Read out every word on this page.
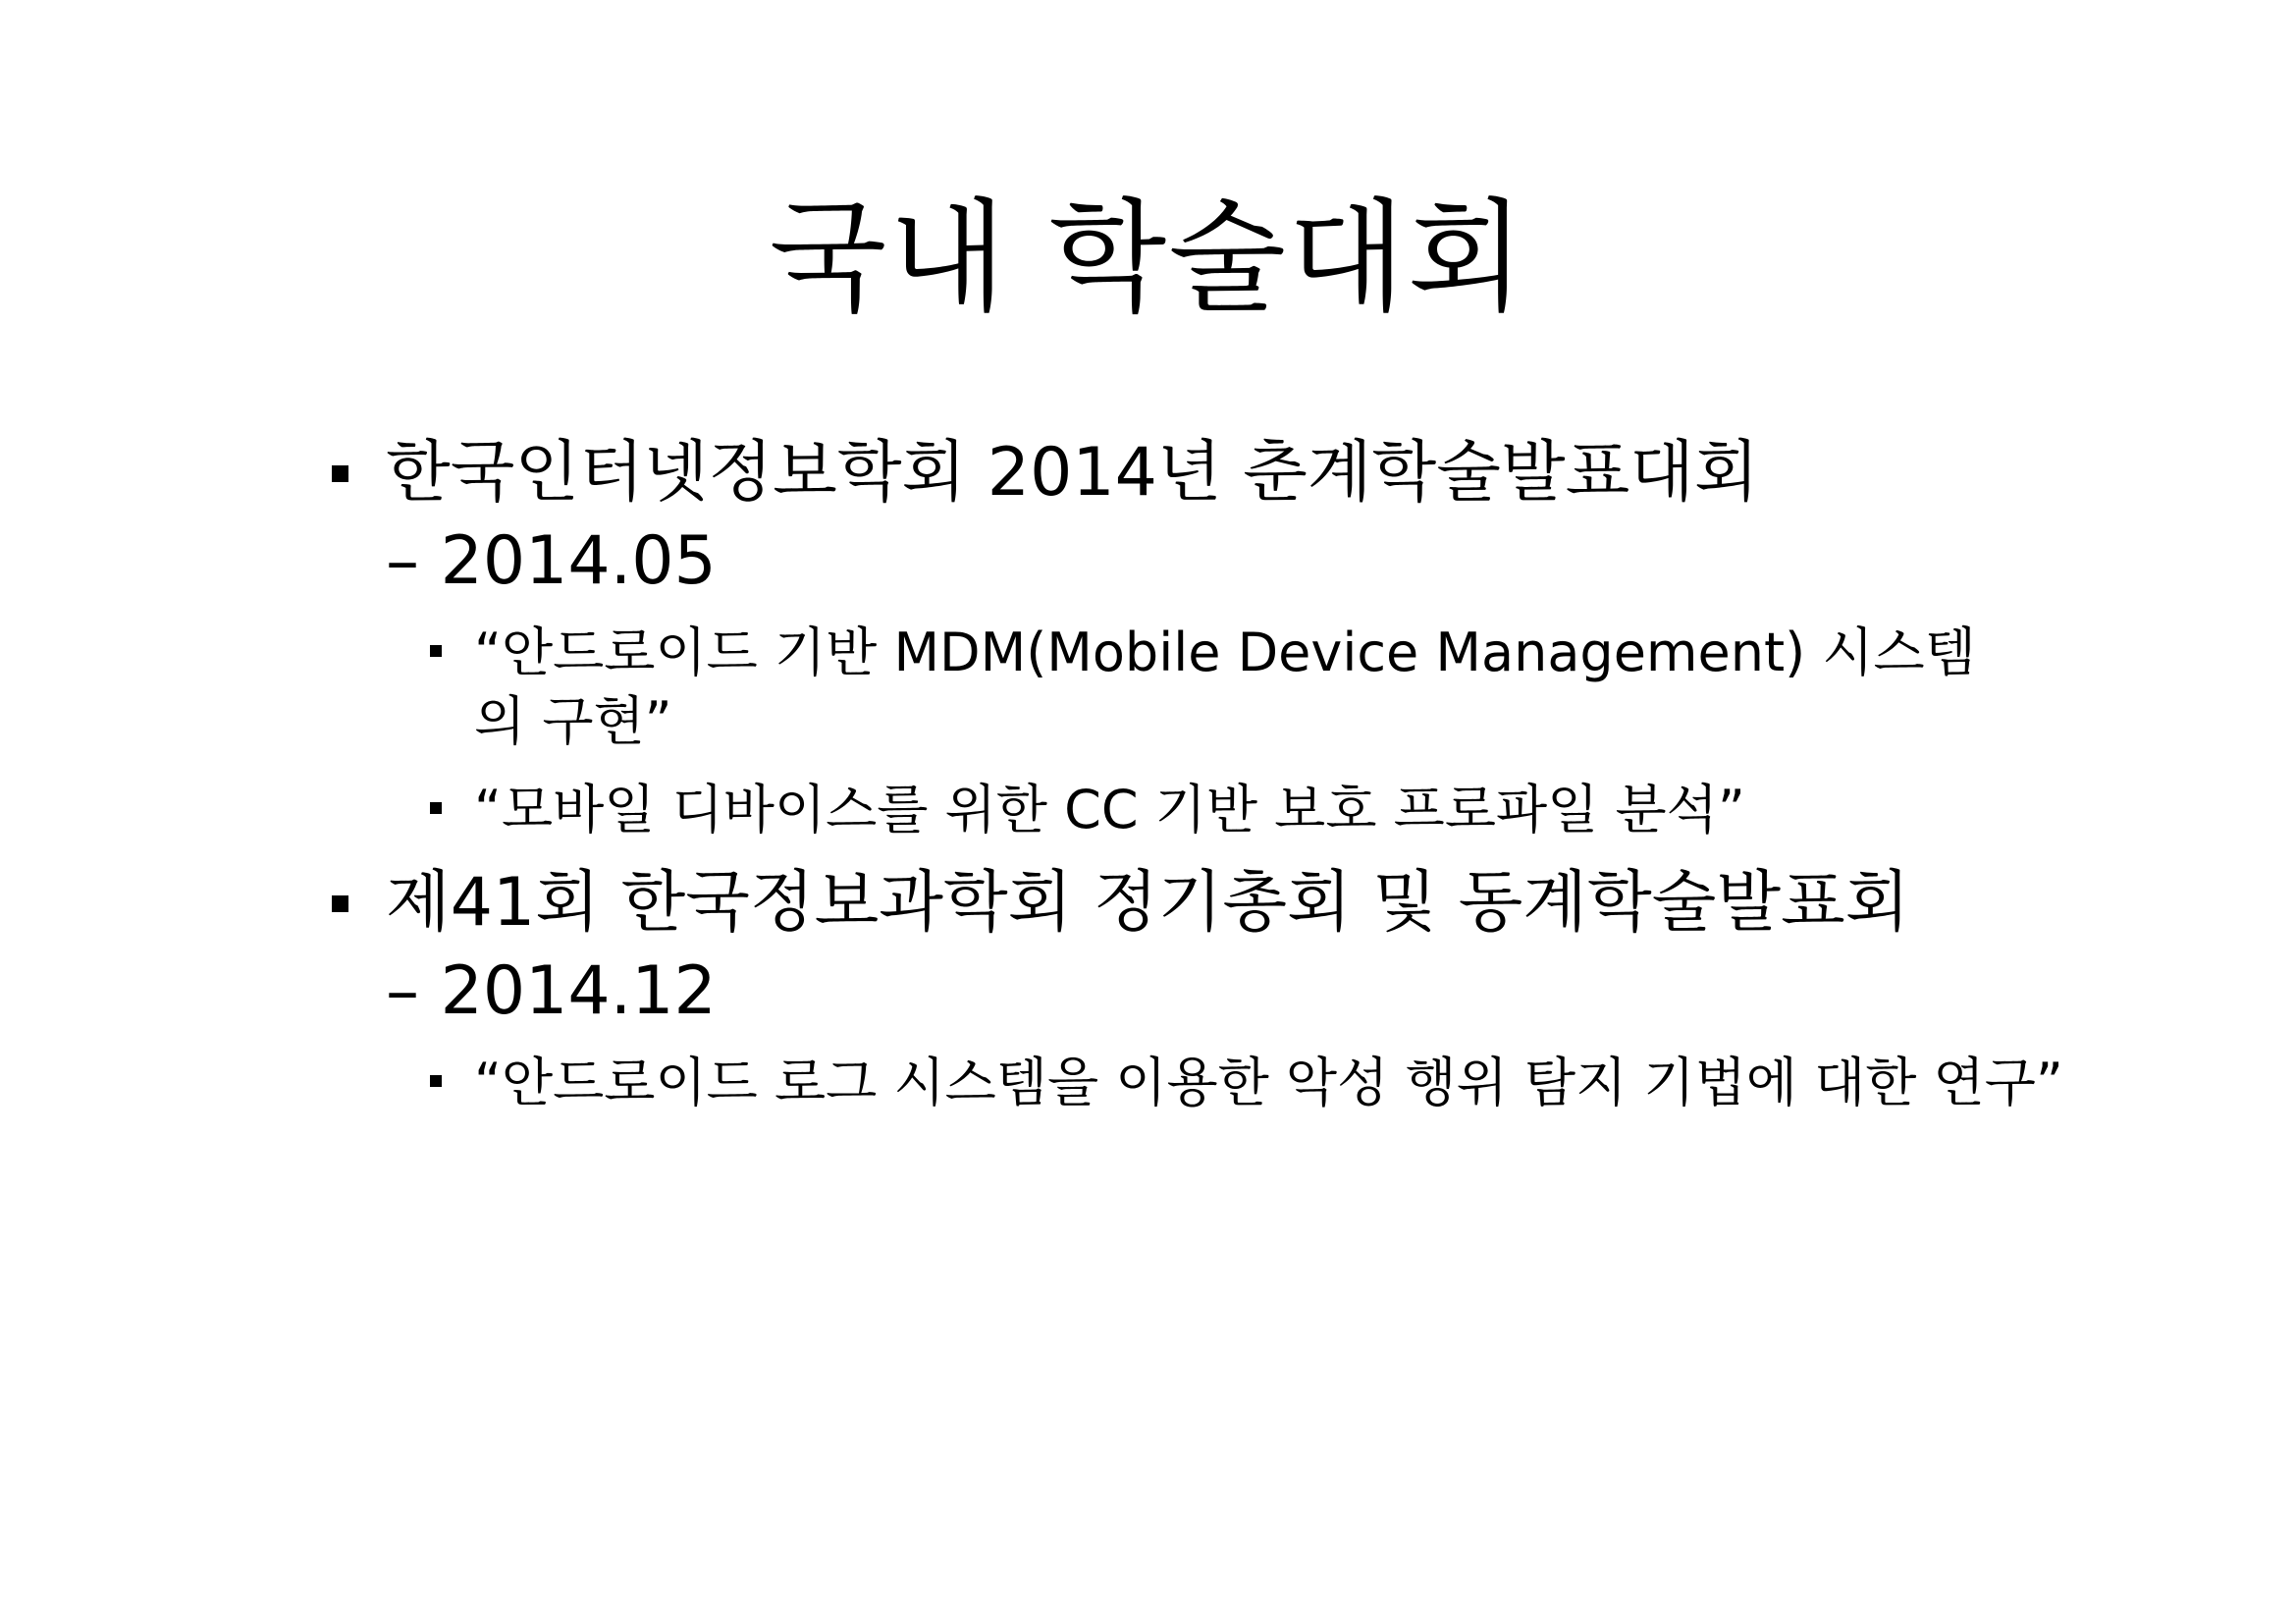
국내 학술대회
한국인터넷정보학회 2014년 춘계학술발표대회
– 2014.05
“안드로이드 기반 MDM(Mobile Device Management) 시스템
의 구현”
“모바일 디바이스를 위한 CC 기반 보호 프로파일 분석”
제41회 한국정보과학회 정기총회 및 동계학술발표회
– 2014.12
“안드로이드 로그 시스템을 이용한 악성 행위 탐지 기법에 대한 연구”
